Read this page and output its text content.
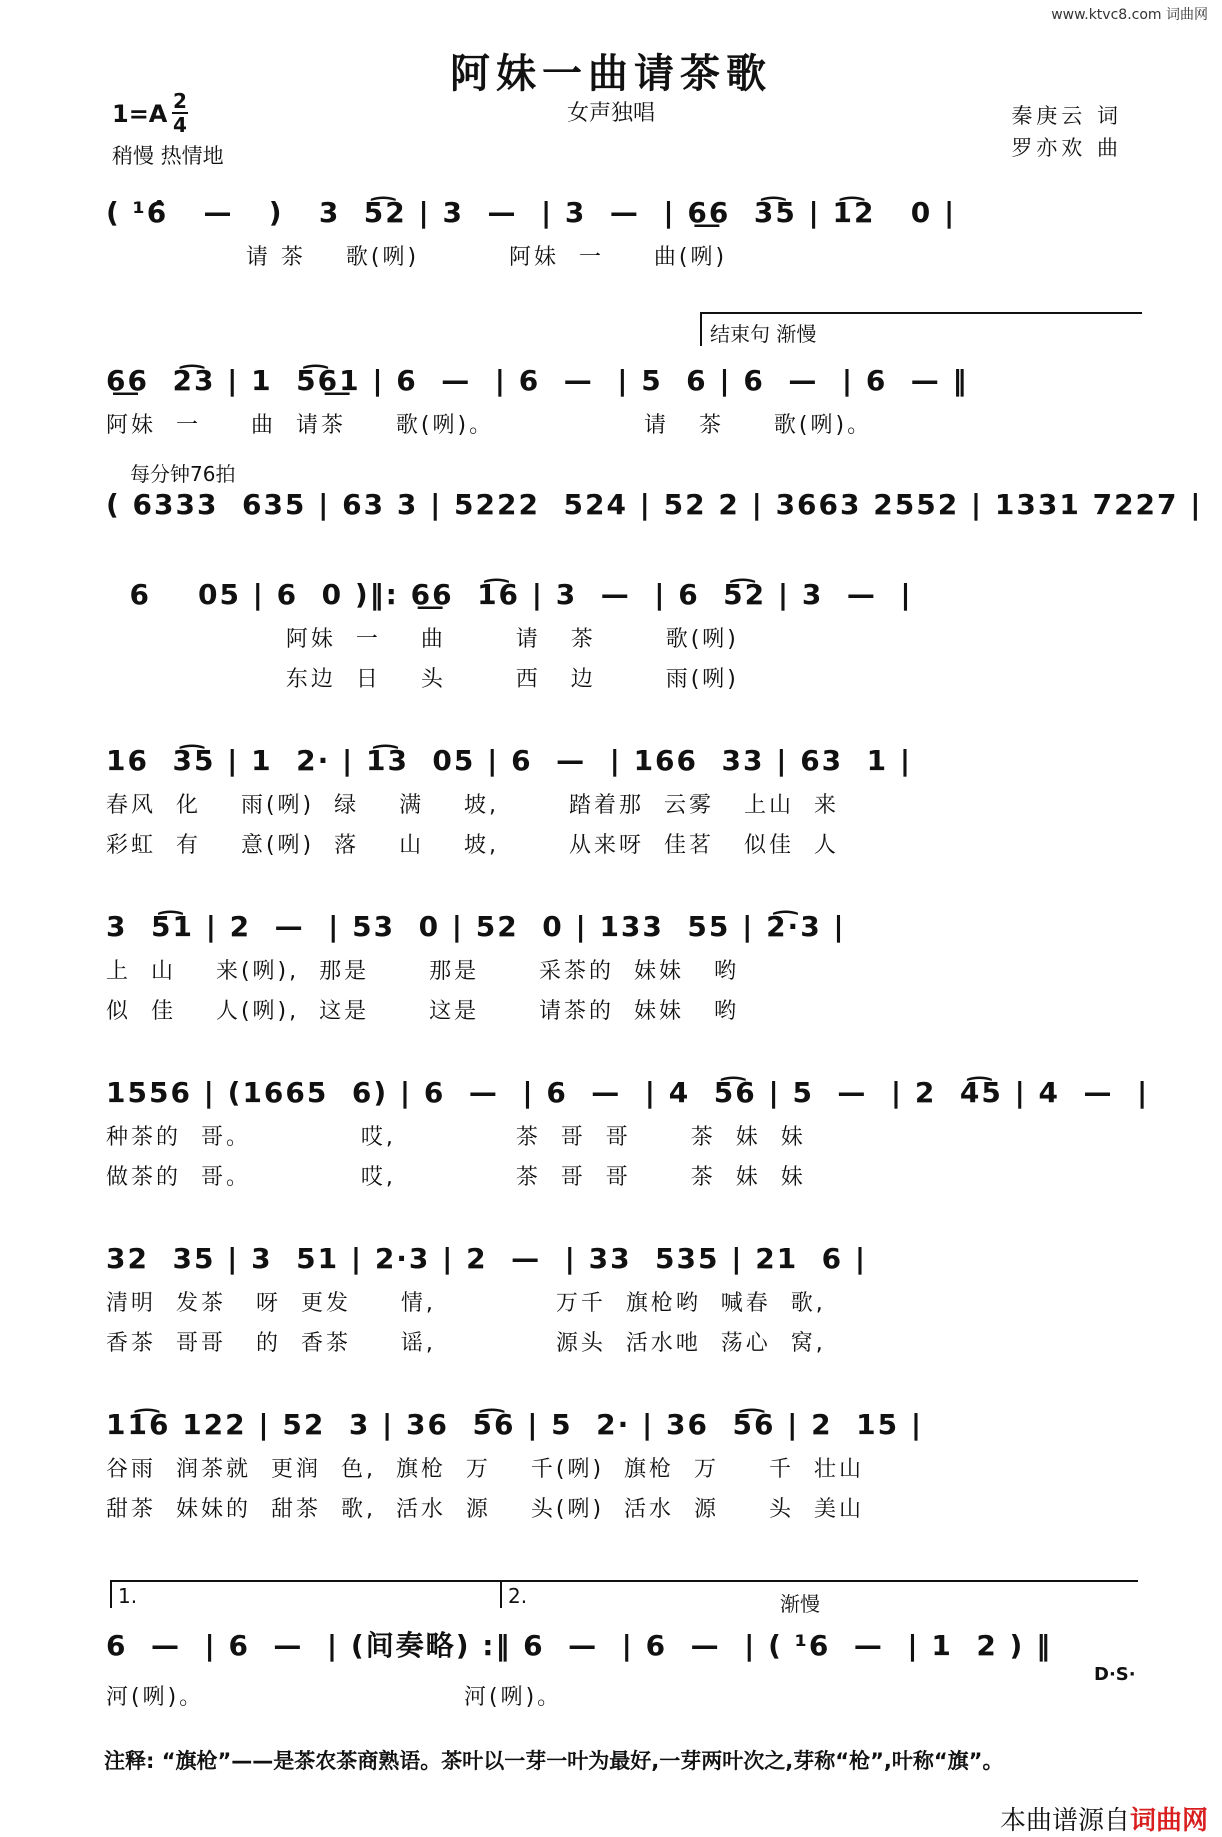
www.ktvc8.com 词曲网
阿妹一曲请茶歌
女声独唱
1=A 2
4
稍慢 热情地
秦庚云 词
罗亦欢 曲
结束句 渐慢
每分钟76拍
1.	2.	渐慢
D·S·
( ¹6̂   —   )   3  5͡2 | 3  —  | 3  —  | 6͟6  3͡5 | 1͡2   0 |
请 茶    歌(咧)         阿妹  一     曲(咧)
6͟6  2͡3 | 1  5͡6͟1 | 6  —  | 6  —  | 5  6 | 6  —  | 6  — ‖
阿妹  一     曲  请茶     歌(咧)。               请   茶     歌(咧)。
( 6333  635 | 63 3 | 5222  524 | 52 2 | 3663 2552 | 1331 7227 |
6    05 | 6  0 )‖: 6͟6  1͡6 | 3  —  | 6  5͡2 | 3  —  |
阿妹  一    曲       请   茶       歌(咧)
东边  日    头       西   边       雨(咧)
16  3͡5 | 1  2· | 1͡3  05 | 6  —  | 166  33 | 63  1 |
春风  化    雨(咧)  绿    满    坡,       踏着那  云雾   上山  来
彩虹  有    意(咧)  落    山    坡,       从来呀  佳茗   似佳  人
3  5͡1 | 2  —  | 53  0 | 52  0 | 133  55 | 2͡·3 |
上  山    来(咧),  那是      那是      采茶的  妹妹   哟
似  佳    人(咧),  这是      这是      请茶的  妹妹   哟
1556 | (1665  6) | 6  —  | 6  —  | 4  5͡6 | 5  —  | 2  4͡5 | 4  —  |
种茶的  哥。           哎,            茶  哥  哥      茶  妹  妹
做茶的  哥。           哎,            茶  哥  哥      茶  妹  妹
32  35 | 3  51 | 2·3 | 2  —  | 33  535 | 21  6 |
清明  发茶   呀  更发     情,            万千  旗枪哟  喊春  歌,
香茶  哥哥   的  香茶     谣,            源头  活水吔  荡心  窝,
11͡6 122 | 52  3 | 36  5͡6 | 5  2· | 36  5͡6 | 2  15 |
谷雨  润茶就  更润  色,  旗枪  万    千(咧)  旗枪  万     千  壮山
甜茶  妹妹的  甜茶  歌,  活水  源    头(咧)  活水  源     头  美山
6  —  | 6  —  | (间奏略) :‖ 6  —  | 6  —  | ( ¹6  —  | 1  2 ) ‖
河(咧)。                          河(咧)。
注释: “旗枪”——是茶农茶商熟语。茶叶以一芽一叶为最好,一芽两叶次之,芽称“枪”,叶称“旗”。
本曲谱源自词曲网
